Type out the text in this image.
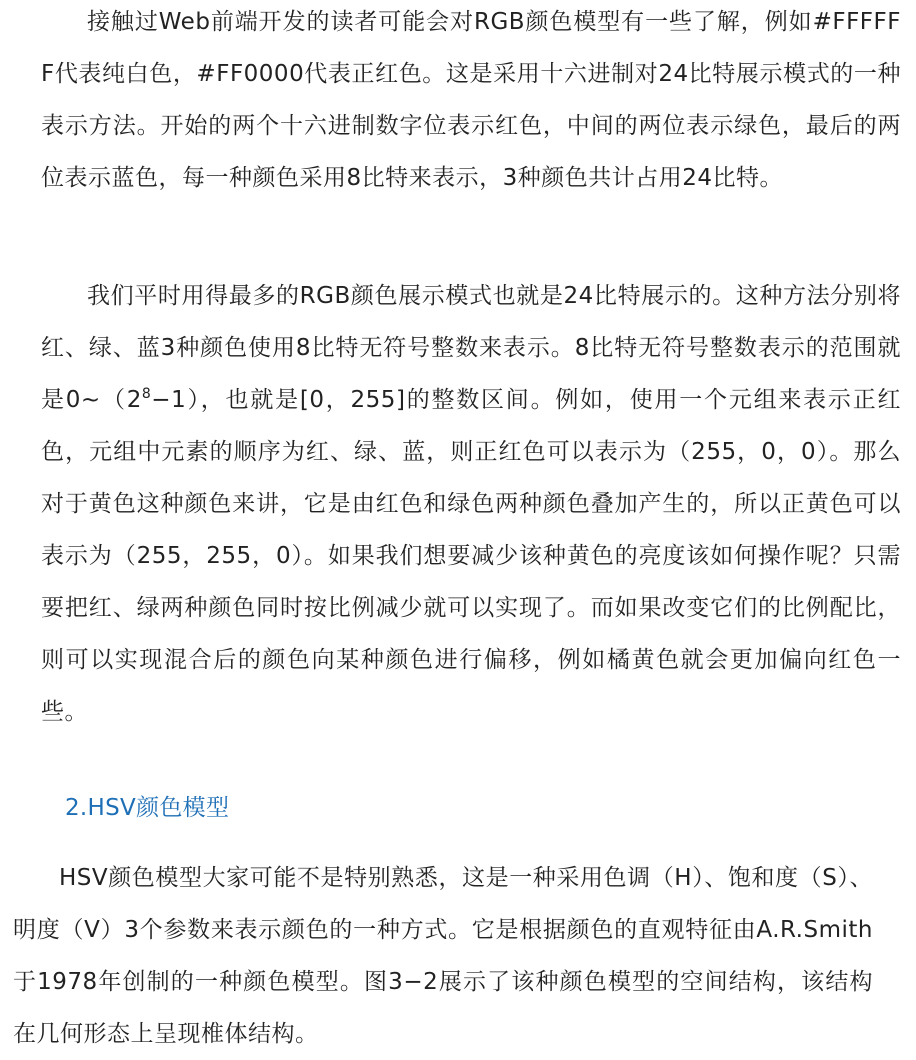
接触过Web前端开发的读者可能会对RGB颜色模型有一些了解，例如#FFFFFF代表纯白色，#FF0000代表正红色。这是采用十六进制对24比特展示模式的一种表示方法。开始的两个十六进制数字位表示红色，中间的两位表示绿色，最后的两位表示蓝色，每一种颜色采用8比特来表示，3种颜色共计占用24比特。

我们平时用得最多的RGB颜色展示模式也就是24比特展示的。这种方法分别将红、绿、蓝3种颜色使用8比特无符号整数来表示。8比特无符号整数表示的范围就是$0\sim(2^8-1)$，也就是[0，255]的整数区间。例如，使用一个元组来表示正红色，元组中元素的顺序为红、绿、蓝，则正红色可以表示为（255，0，0）。那么对于黄色这种颜色来讲，它是由红色和绿色两种颜色叠加产生的，所以正黄色可以表示为（255，255，0）。如果我们想要减少该种黄色的亮度该如何操作呢？只需要把红、绿两种颜色同时按比例减少就可以实现了。而如果改变它们的比例配比，则可以实现混合后的颜色向某种颜色进行偏移，例如橘黄色就会更加偏向红色一些。

2.HSV颜色模型

HSV颜色模型大家可能不是特别熟悉，这是一种采用色调（H）、饱和度（S）、明度（V）3个参数来表示颜色的一种方式。它是根据颜色的直观特征由A.R.Smith于1978年创制的一种颜色模型。图3−2展示了该种颜色模型的空间结构，该结构在几何形态上呈现椎体结构。
